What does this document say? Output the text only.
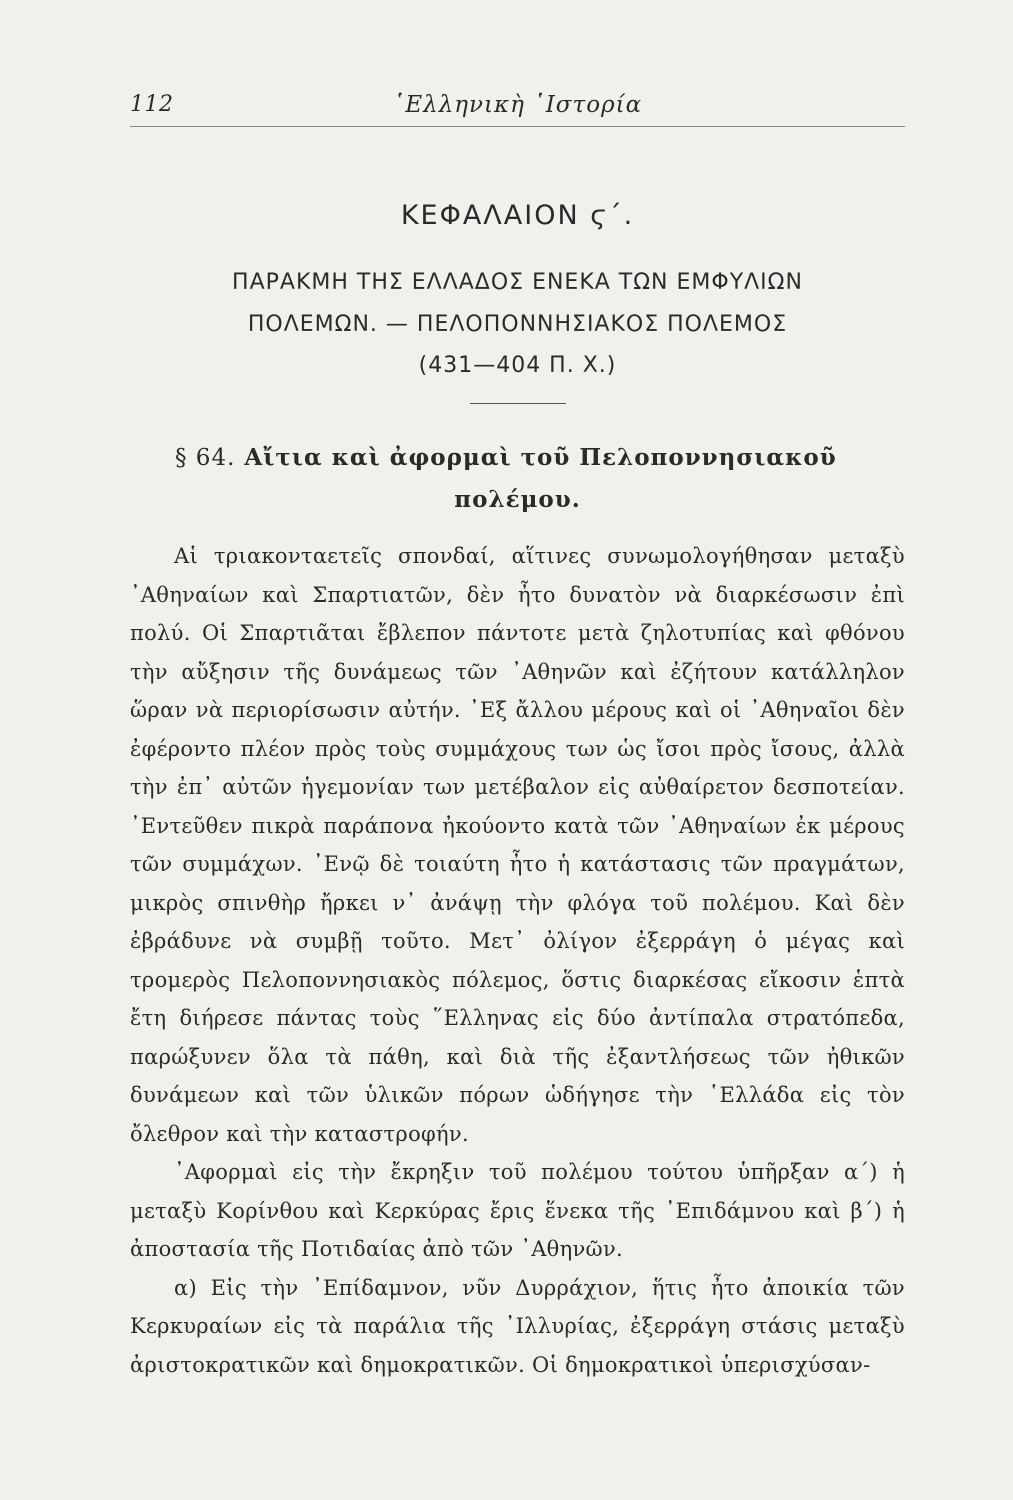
112	῾Ελληνικὴ ῾Ιστορία
ΚΕΦΑΛΑΙΟΝ ϛ΄.
ΠΑΡΑΚΜΗ ΤΗΣ ΕΛΛΑΔΟΣ ΕΝΕΚΑ ΤΩΝ ΕΜΦΥΛΙΩΝ
ΠΟΛΕΜΩΝ. — ΠΕΛΟΠΟΝΝΗΣΙΑΚΟΣ ΠΟΛΕΜΟΣ
(431—404 Π. Χ.)
§ 64. Αἴτια καὶ ἀφορμαὶ τοῦ Πελοποννησιακοῦ
πολέμου.

Αἱ τριακονταετεῖς σπονδαί, αἵτινες συνωμολογήθησαν μεταξὺ ᾿Αθηναίων καὶ Σπαρτιατῶν, δὲν ἦτο δυνατὸν νὰ διαρκέσωσιν ἐπὶ πολύ. Οἱ Σπαρτιᾶται ἔβλεπον πάντοτε μετὰ ζηλοτυπίας καὶ φθόνου τὴν αὔξησιν τῆς δυνάμεως τῶν ᾿Αθηνῶν καὶ ἐζήτουν κατάλληλον ὥραν νὰ περιορίσωσιν αὐτήν. ᾿Εξ ἄλλου μέρους καὶ οἱ ᾿Αθηναῖοι δὲν ἐφέροντο πλέον πρὸς τοὺς συμμάχους των ὡς ἴσοι πρὸς ἴσους, ἀλλὰ τὴν ἐπ᾿ αὐτῶν ἡγεμονίαν των μετέβαλον εἰς αὐθαίρετον δεσποτείαν. ᾿Εντεῦθεν πικρὰ παράπονα ἠκούοντο κατὰ τῶν ᾿Αθηναίων ἐκ μέρους τῶν συμμάχων. ᾿Ενῷ δὲ τοιαύτη ἦτο ἡ κατάστασις τῶν πραγμάτων, μικρὸς σπινθὴρ ἤρκει ν᾿ ἀνάψῃ τὴν φλόγα τοῦ πολέμου. Καὶ δὲν ἐβράδυνε νὰ συμβῇ τοῦτο. Μετ᾿ ὀλίγον ἐξερράγη ὁ μέγας καὶ τρομερὸς Πελοποννησιακὸς πόλεμος, ὅστις διαρκέσας εἴκοσιν ἑπτὰ ἔτη διήρεσε πάντας τοὺς ῞Ελληνας εἰς δύο ἀντίπαλα στρατόπεδα, παρώξυνεν ὅλα τὰ πάθη, καὶ διὰ τῆς ἐξαντλήσεως τῶν ἠθικῶν δυνάμεων καὶ τῶν ὑλικῶν πόρων ὡδήγησε τὴν ῾Ελλάδα εἰς τὸν ὄλεθρον καὶ τὴν καταστροφήν.

᾿Αφορμαὶ εἰς τὴν ἔκρηξιν τοῦ πολέμου τούτου ὑπῆρξαν α΄) ἡ μεταξὺ Κορίνθου καὶ Κερκύρας ἔρις ἕνεκα τῆς ᾿Επιδάμνου καὶ β΄) ἡ ἀποστασία τῆς Ποτιδαίας ἀπὸ τῶν ᾿Αθηνῶν.

α) Εἰς τὴν ᾿Επίδαμνον, νῦν Δυρράχιον, ἥτις ἦτο ἀποικία τῶν Κερκυραίων εἰς τὰ παράλια τῆς ᾿Ιλλυρίας, ἐξερράγη στάσις μεταξὺ ἀριστοκρατικῶν καὶ δημοκρατικῶν. Οἱ δημοκρατικοὶ ὑπερισχύσαν-
